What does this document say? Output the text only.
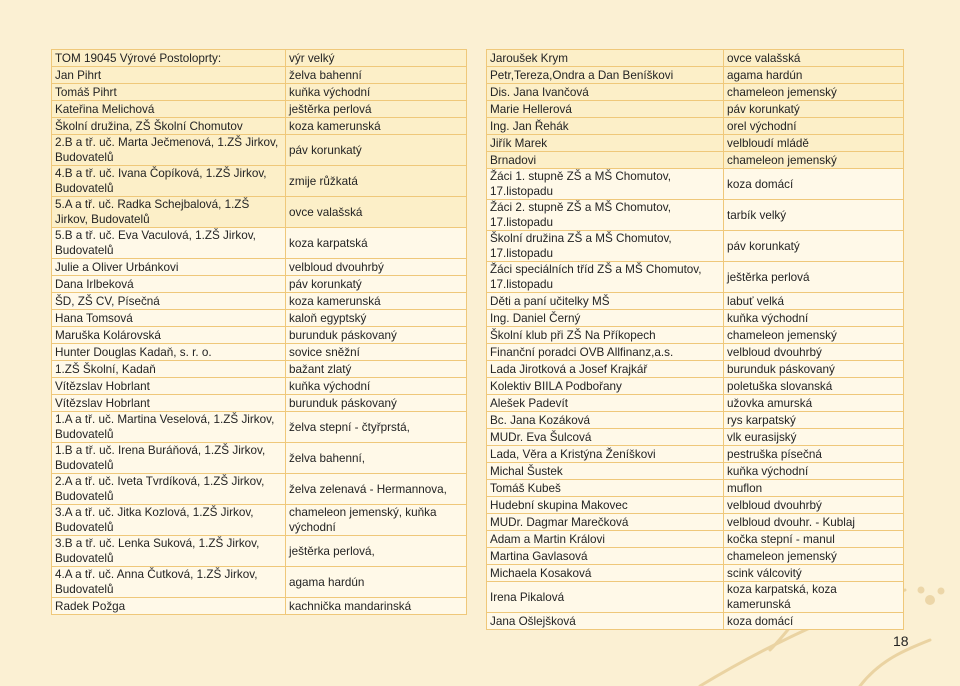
TOM 19045 Výrové Postoloprty:	výr velký
Jan Pihrt	želva bahenní
Tomáš Pihrt	kuňka východní
Kateřina Melichová	ještěrka perlová
Školní družina, ZŠ Školní Chomutov	koza kamerunská
2.B a tř. uč. Marta Ječmenová, 1.ZŠ Jirkov, Budovatelů	páv korunkatý
4.B a tř. uč. Ivana Čopíková, 1.ZŠ Jirkov, Budovatelů	zmije růžkatá
5.A a tř. uč. Radka Schejbalová, 1.ZŠ Jirkov, Budovatelů	ovce valašská
5.B a tř. uč. Eva Vaculová, 1.ZŠ Jirkov, Budovatelů	koza karpatská
Julie a Oliver Urbánkovi	velbloud dvouhrbý
Dana Irlbeková	páv korunkatý
ŠD, ZŠ CV, Písečná	koza kamerunská
Hana Tomsová	kaloň egyptský
Maruška Kolárovská	burunduk páskovaný
Hunter Douglas Kadaň, s. r. o.	sovice sněžní
1.ZŠ Školní, Kadaň	bažant zlatý
Vítězslav Hobrlant	kuňka východní
Vítězslav Hobrlant	burunduk páskovaný
1.A a tř. uč. Martina Veselová, 1.ZŠ Jirkov, Budovatelů	želva stepní - čtyřprstá,
1.B a tř. uč. Irena Buráňová, 1.ZŠ Jirkov, Budovatelů	želva bahenní,
2.A a tř. uč. Iveta Tvrdíková, 1.ZŠ Jirkov, Budovatelů	želva zelenavá - Hermannova,
3.A a tř. uč. Jitka Kozlová, 1.ZŠ Jirkov, Budovatelů	chameleon jemenský, kuňka východní
3.B a tř. uč. Lenka Suková, 1.ZŠ Jirkov, Budovatelů	ještěrka perlová,
4.A a tř. uč. Anna Čutková, 1.ZŠ Jirkov, Budovatelů	agama hardún
Radek Požga	kachnička mandarinská
Jaroušek Krym	ovce valašská
Petr,Tereza,Ondra a Dan Beníškovi	agama hardún
Dis. Jana Ivančová	chameleon jemenský
Marie Hellerová	páv korunkatý
Ing. Jan Řehák	orel východní
Jiřík Marek	velbloudí mládě
Brnadovi	chameleon jemenský
Žáci 1. stupně ZŠ a MŠ Chomutov, 17.listopadu	koza domácí
Žáci 2. stupně ZŠ a MŠ Chomutov, 17.listopadu	tarbík velký
Školní družina ZŠ a MŠ Chomutov, 17.listopadu	páv korunkatý
Žáci speciálních tříd ZŠ a MŠ Chomutov, 17.listopadu	ještěrka perlová
Děti a paní učitelky MŠ	labuť velká
Ing. Daniel Černý	kuňka východní
Školní klub při ZŠ Na Příkopech	chameleon jemenský
Finanční poradci OVB Allfinanz,a.s.	velbloud dvouhrbý
Lada Jirotková a Josef Krajkář	burunduk páskovaný
Kolektiv BIILA Podbořany	poletuška slovanská
Alešek Padevít	užovka amurská
Bc. Jana Kozáková	rys karpatský
MUDr. Eva Šulcová	vlk eurasijský
Lada, Věra a Kristýna Ženíškovi	pestruška písečná
Michal Šustek	kuňka východní
Tomáš Kubeš	muflon
Hudební skupina Makovec	velbloud dvouhrbý
MUDr. Dagmar Marečková	velbloud dvouhr. - Kublaj
Adam a Martin Královi	kočka stepní - manul
Martina Gavlasová	chameleon jemenský
Michaela Kosaková	scink válcovitý
Irena Pikalová	koza karpatská, koza kamerunská
Jana Ošlejšková	koza domácí
18
